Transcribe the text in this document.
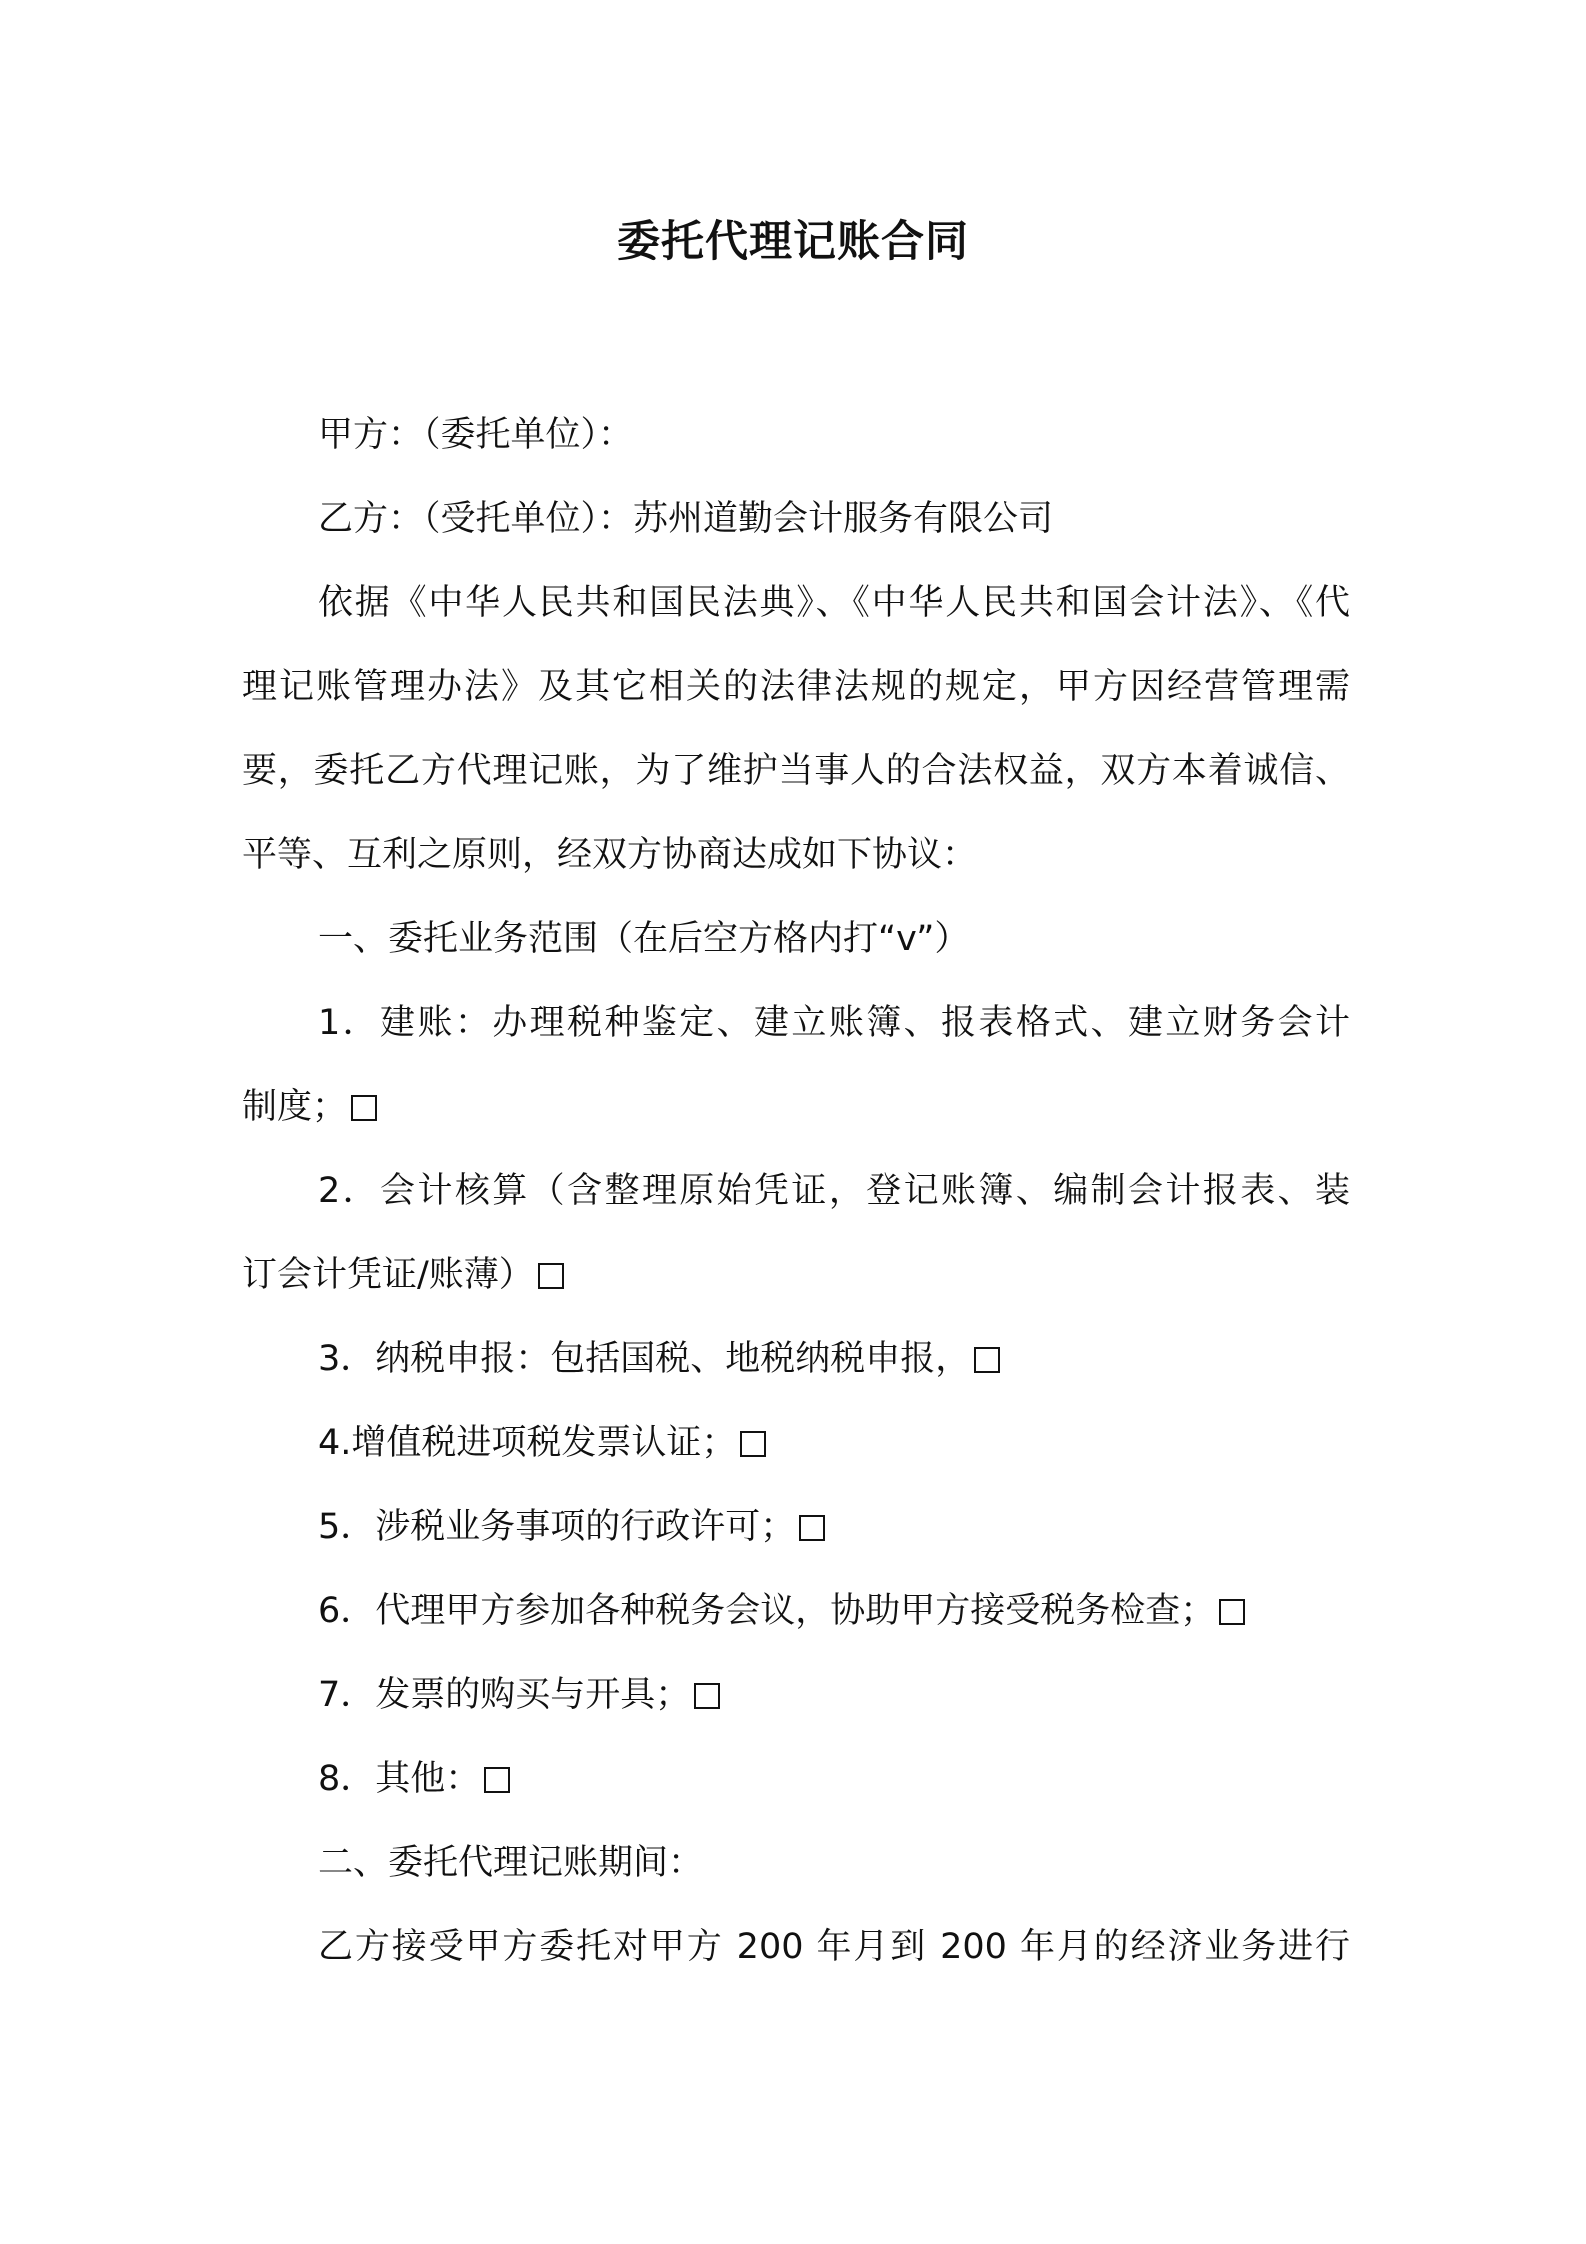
委托代理记账合同
甲方：（委托单位）：
乙方：（受托单位）：苏州道勤会计服务有限公司
依据《中华人民共和国民法典》、《中华人民共和国会计法》、《代
理记账管理办法》及其它相关的法律法规的规定，甲方因经营管理需
要，委托乙方代理记账，为了维护当事人的合法权益，双方本着诚信、
平等、互利之原则，经双方协商达成如下协议：
一、委托业务范围（在后空方格内打“v”）
1．建账：办理税种鉴定、建立账簿、报表格式、建立财务会计
制度；
2．会计核算（含整理原始凭证，登记账簿、编制会计报表、装
订会计凭证/账薄）
3．纳税申报：包括国税、地税纳税申报，
4.增值税进项税发票认证；
5．涉税业务事项的行政许可；
6．代理甲方参加各种税务会议，协助甲方接受税务检查；
7．发票的购买与开具；
8．其他：
二、委托代理记账期间：
乙方接受甲方委托对甲方 200 年月到 200 年月的经济业务进行
